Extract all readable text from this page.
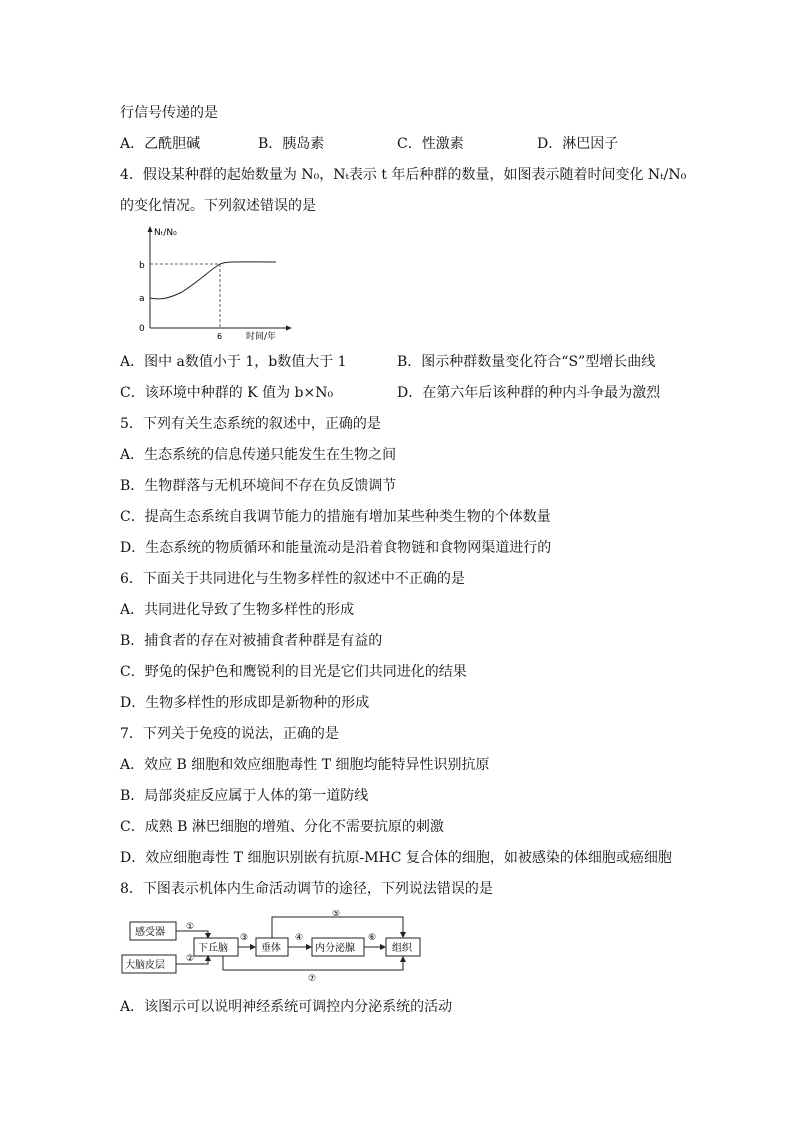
行信号传递的是
A．乙酰胆碱	B．胰岛素	C．性激素	D．淋巴因子
4．假设某种群的起始数量为 N₀，Nₜ表示 t 年后种群的数量，如图表示随着时间变化 Nₜ/N₀
的变化情况。下列叙述错误的是
Nₜ/N₀
b
a
0
6	时间/年
A．图中 a数值小于 1，b数值大于 1	B．图示种群数量变化符合“S”型增长曲线
C．该环境中种群的 K 值为 b×N₀	D．在第六年后该种群的种内斗争最为激烈
5．下列有关生态系统的叙述中，正确的是
A．生态系统的信息传递只能发生在生物之间
B．生物群落与无机环境间不存在负反馈调节
C．提高生态系统自我调节能力的措施有增加某些种类生物的个体数量
D．生态系统的物质循环和能量流动是沿着食物链和食物网渠道进行的
6．下面关于共同进化与生物多样性的叙述中不正确的是
A．共同进化导致了生物多样性的形成
B．捕食者的存在对被捕食者种群是有益的
C．野兔的保护色和鹰锐利的目光是它们共同进化的结果
D．生物多样性的形成即是新物种的形成
7．下列关于免疫的说法，正确的是
A．效应 B 细胞和效应细胞毒性 T 细胞均能特异性识别抗原
B．局部炎症反应属于人体的第一道防线
C．成熟 B 淋巴细胞的增殖、分化不需要抗原的刺激
D．效应细胞毒性 T 细胞识别嵌有抗原-MHC 复合体的细胞，如被感染的体细胞或癌细胞
8．下图表示机体内生命活动调节的途径，下列说法错误的是
感受器
大脑皮层
下丘脑	垂体	内分泌腺	组织
①
②
③	④
⑤
⑥
⑦
A．该图示可以说明神经系统可调控内分泌系统的活动
